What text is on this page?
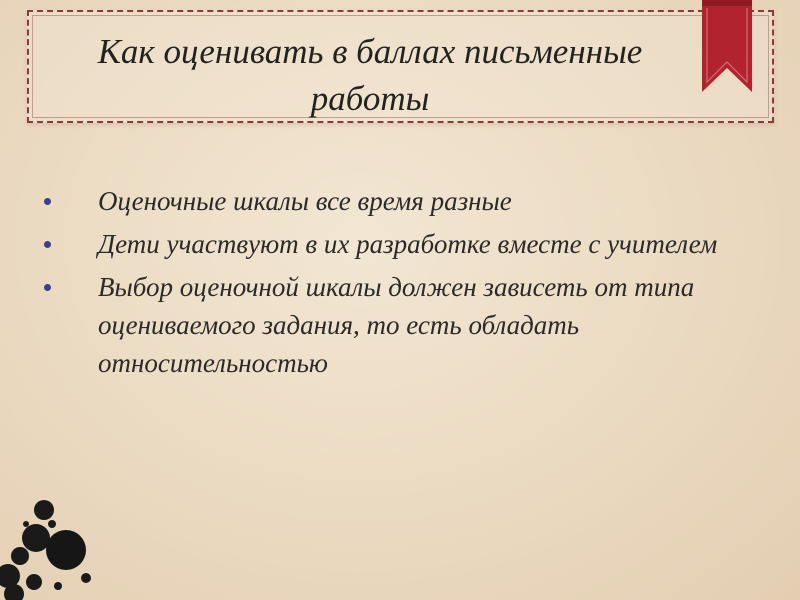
Как оценивать в баллах письменные работы
Оценочные шкалы все время разные
Дети участвуют в их разработке вместе с учителем
Выбор оценочной шкалы должен зависеть от типа оцениваемого задания, то есть обладать относительностью
